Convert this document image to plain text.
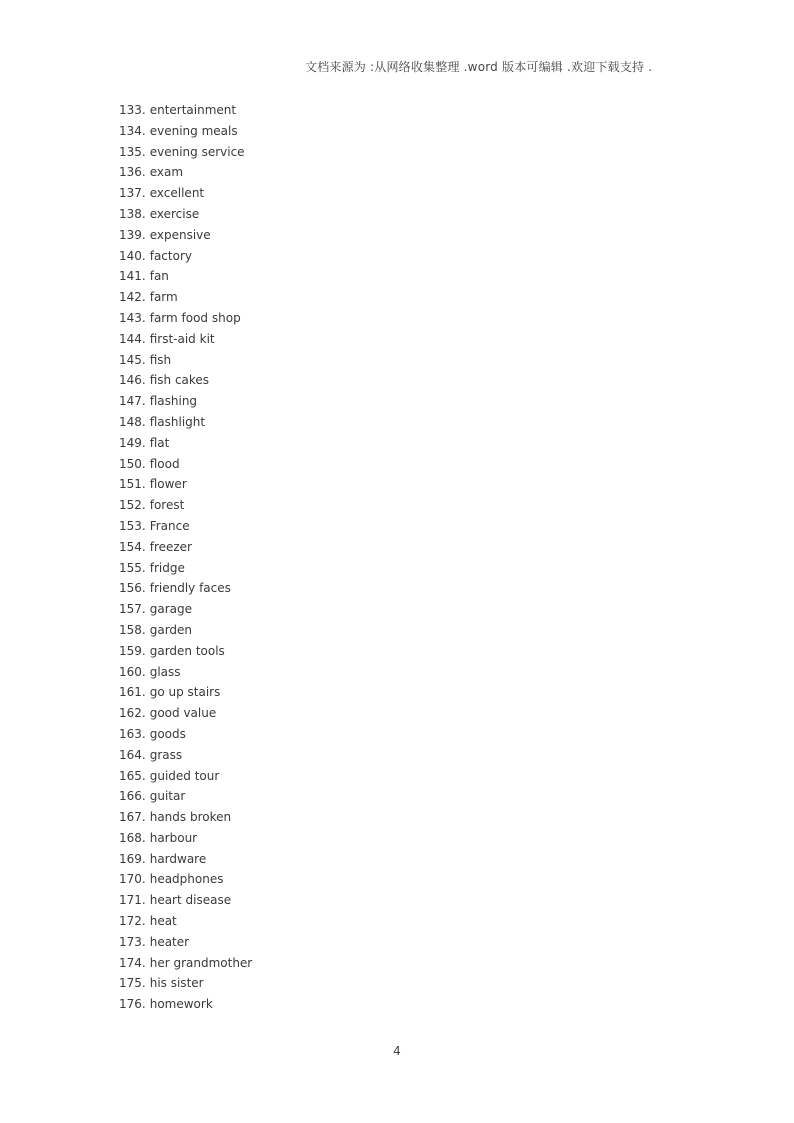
文档来源为 :从网络收集整理 .word 版本可编辑 .欢迎下载支持 .
133. entertainment
134. evening meals
135. evening service
136. exam
137. excellent
138. exercise
139. expensive
140. factory
141. fan
142. farm
143. farm food shop
144. first-aid kit
145. fish
146. fish cakes
147. flashing
148. flashlight
149. flat
150. flood
151. flower
152. forest
153. France
154. freezer
155. fridge
156. friendly faces
157. garage
158. garden
159. garden tools
160. glass
161. go up stairs
162. good value
163. goods
164. grass
165. guided tour
166. guitar
167. hands broken
168. harbour
169. hardware
170. headphones
171. heart disease
172. heat
173. heater
174. her grandmother
175. his sister
176. homework
4
